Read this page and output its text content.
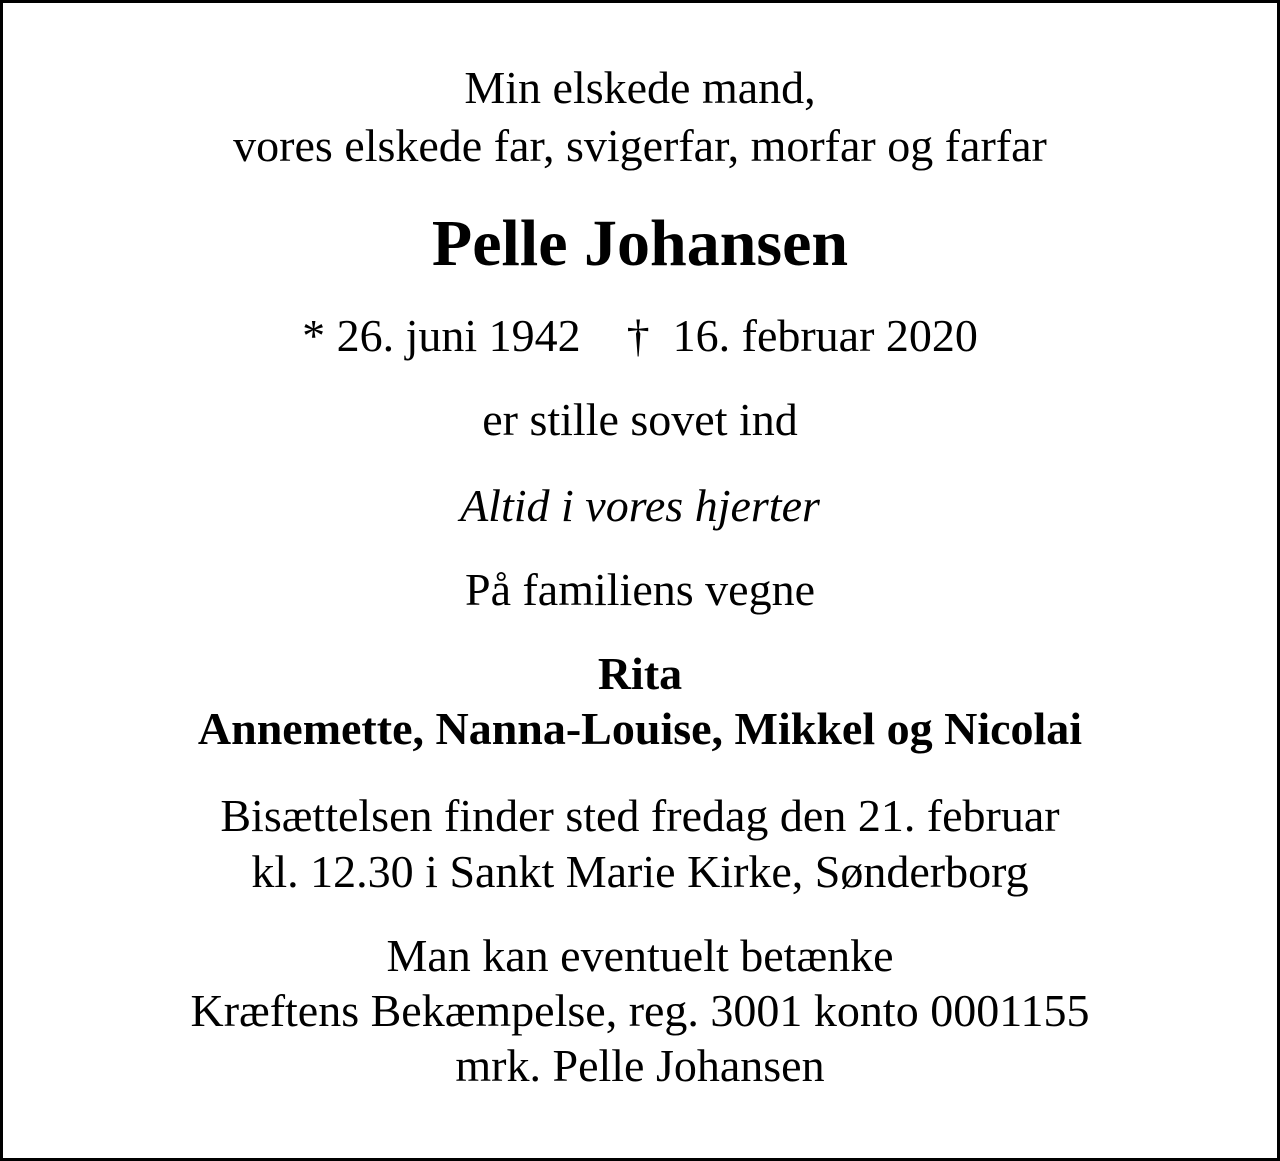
Min elskede mand,
vores elskede far, svigerfar, morfar og farfar
Pelle Johansen
* 26. juni 1942 † 16. februar 2020
er stille sovet ind
Altid i vores hjerter
På familiens vegne
Rita
Annemette, Nanna-Louise, Mikkel og Nicolai
Bisættelsen finder sted fredag den 21. februar
kl. 12.30 i Sankt Marie Kirke, Sønderborg
Man kan eventuelt betænke
Kræftens Bekæmpelse, reg. 3001 konto 0001155
mrk. Pelle Johansen
